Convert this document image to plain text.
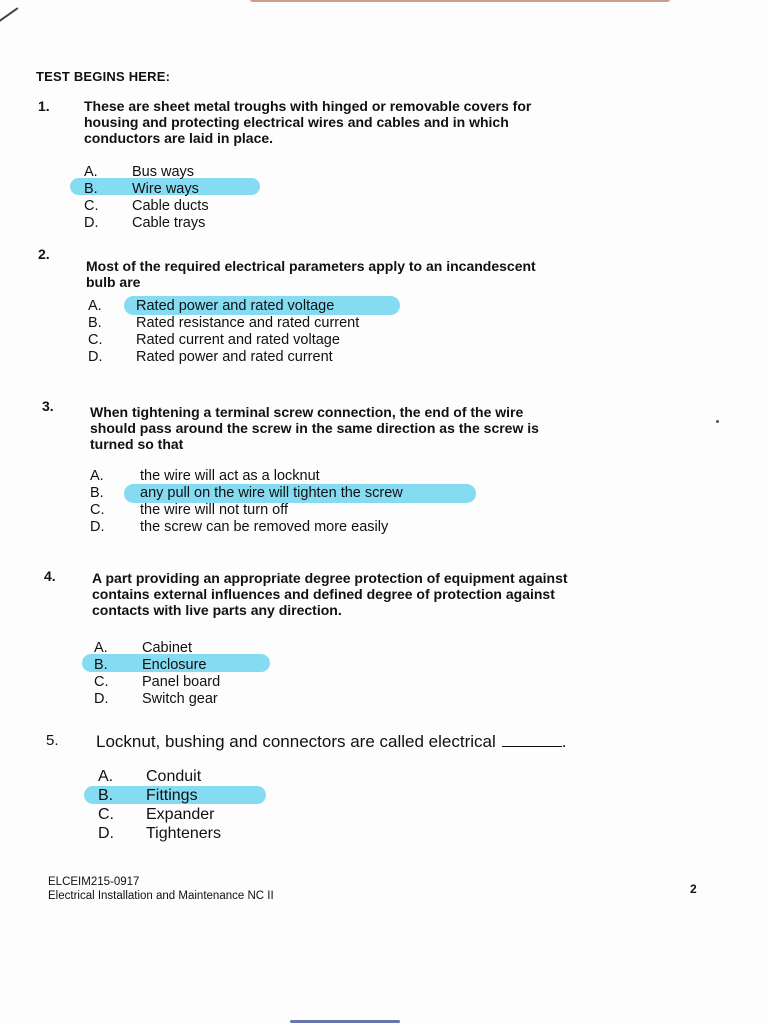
TEST BEGINS HERE:
1. These are sheet metal troughs with hinged or removable covers for
housing and protecting electrical wires and cables and in which
conductors are laid in place.
A. Bus ways
B. Wire ways
C. Cable ducts
D. Cable trays
2.
Most of the required electrical parameters apply to an incandescent
bulb are
A. Rated power and rated voltage
B. Rated resistance and rated current
C. Rated current and rated voltage
D. Rated power and rated current
3.	When tightening a terminal screw connection, the end of the wire
should pass around the screw in the same direction as the screw is
turned so that
A.	the wire will act as a locknut
B.	any pull on the wire will tighten the screw
C. the wire will not turn off
D. the screw can be removed more easily
4.	A part providing an appropriate degree protection of equipment against
contains external influences and defined degree of protection against
contacts with live parts any direction.
A. Cabinet
B. Enclosure
C. Panel board
D. Switch gear
5. Locknut, bushing and connectors are called electrical	.
A. Conduit
B. Fittings
C. Expander
D. Tighteners
ELCEIM215-0917
Electrical Installation and Maintenance NC II	2
